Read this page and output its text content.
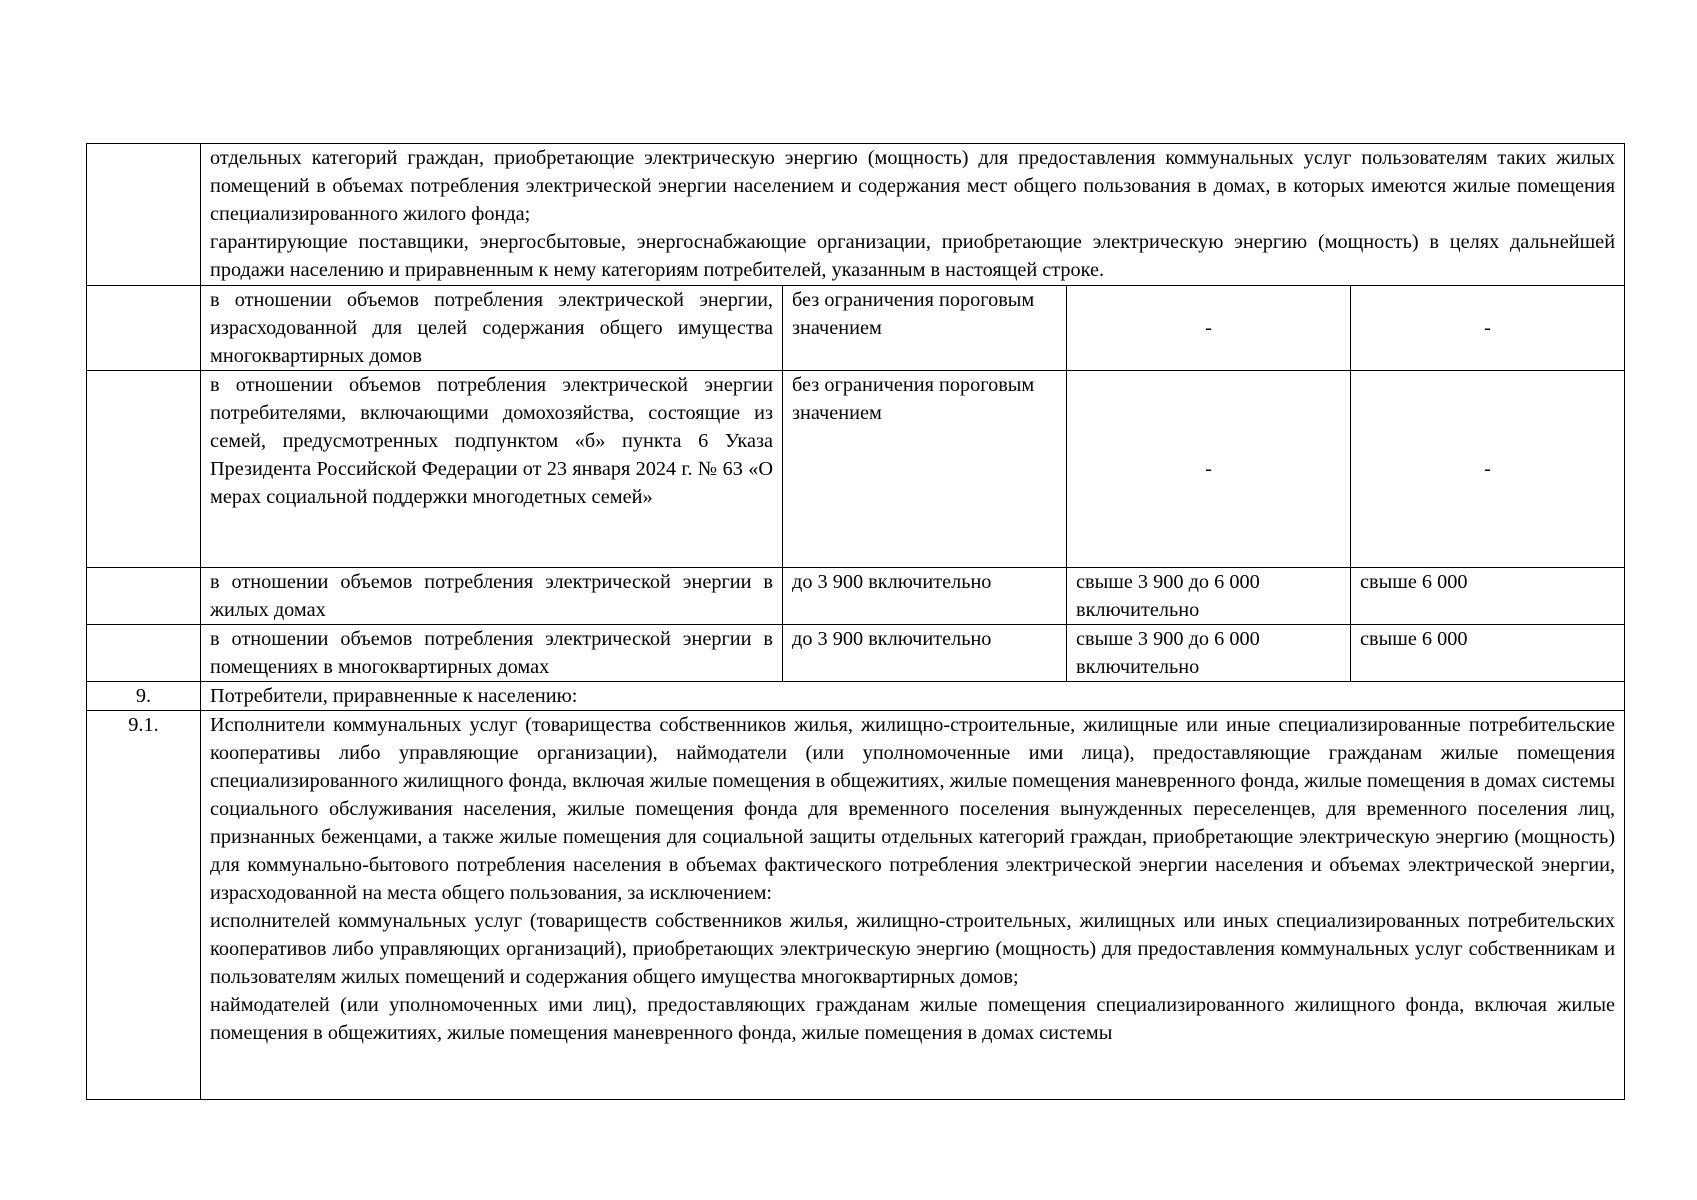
	отдельных категорий граждан, приобретающие электрическую энергию (мощность) для предоставления коммунальных услуг пользователям таких жилых помещений в объемах потребления электрической энергии населением и содержания мест общего пользования в домах, в которых имеются жилые помещения специализированного жилого фонда;
гарантирующие поставщики, энергосбытовые, энергоснабжающие организации, приобретающие электрическую энергию (мощность) в целях дальнейшей продажи населению и приравненным к нему категориям потребителей, указанным в настоящей строке.			

	в отношении объемов потребления электрической энергии, израсходованной для целей содержания общего имущества многоквартирных домов	без ограничения пороговым значением	-	-
	в отношении объемов потребления электрической энергии потребителями, включающими домохозяйства, состоящие из семей, предусмотренных подпунктом «б» пункта 6 Указа Президента Российской Федерации от 23 января 2024 г. № 63 «О мерах социальной поддержки многодетных семей»	без ограничения пороговым значением	-	-
	в отношении объемов потребления электрической энергии в жилых домах	до 3 900 включительно	свыше 3 900 до 6 000 включительно	свыше 6 000
	в отношении объемов потребления электрической энергии в помещениях в многоквартирных домах	до 3 900 включительно	свыше 3 900 до 6 000 включительно	свыше 6 000
9.	Потребители, приравненные к населению:			
9.1.	Исполнители коммунальных услуг (товарищества собственников жилья, жилищно-строительные, жилищные или иные специализированные потребительские кооперативы либо управляющие организации), наймодатели (или уполномоченные ими лица), предоставляющие гражданам жилые помещения специализированного жилищного фонда, включая жилые помещения в общежитиях, жилые помещения маневренного фонда, жилые помещения в домах системы социального обслуживания населения, жилые помещения фонда для временного поселения вынужденных переселенцев, для временного поселения лиц, признанных беженцами, а также жилые помещения для социальной защиты отдельных категорий граждан, приобретающие электрическую энергию (мощность) для коммунально-бытового потребления населения в объемах фактического потребления электрической энергии населения и объемах электрической энергии, израсходованной на места общего пользования, за исключением:
исполнителей коммунальных услуг (товариществ собственников жилья, жилищно-строительных, жилищных или иных специализированных потребительских кооперативов либо управляющих организаций), приобретающих электрическую энергию (мощность) для предоставления коммунальных услуг собственникам и пользователям жилых помещений и содержания общего имущества многоквартирных домов;
наймодателей (или уполномоченных ими лиц), предоставляющих гражданам жилые помещения специализированного жилищного фонда, включая жилые помещения в общежитиях, жилые помещения маневренного фонда, жилые помещения в домах системы			
